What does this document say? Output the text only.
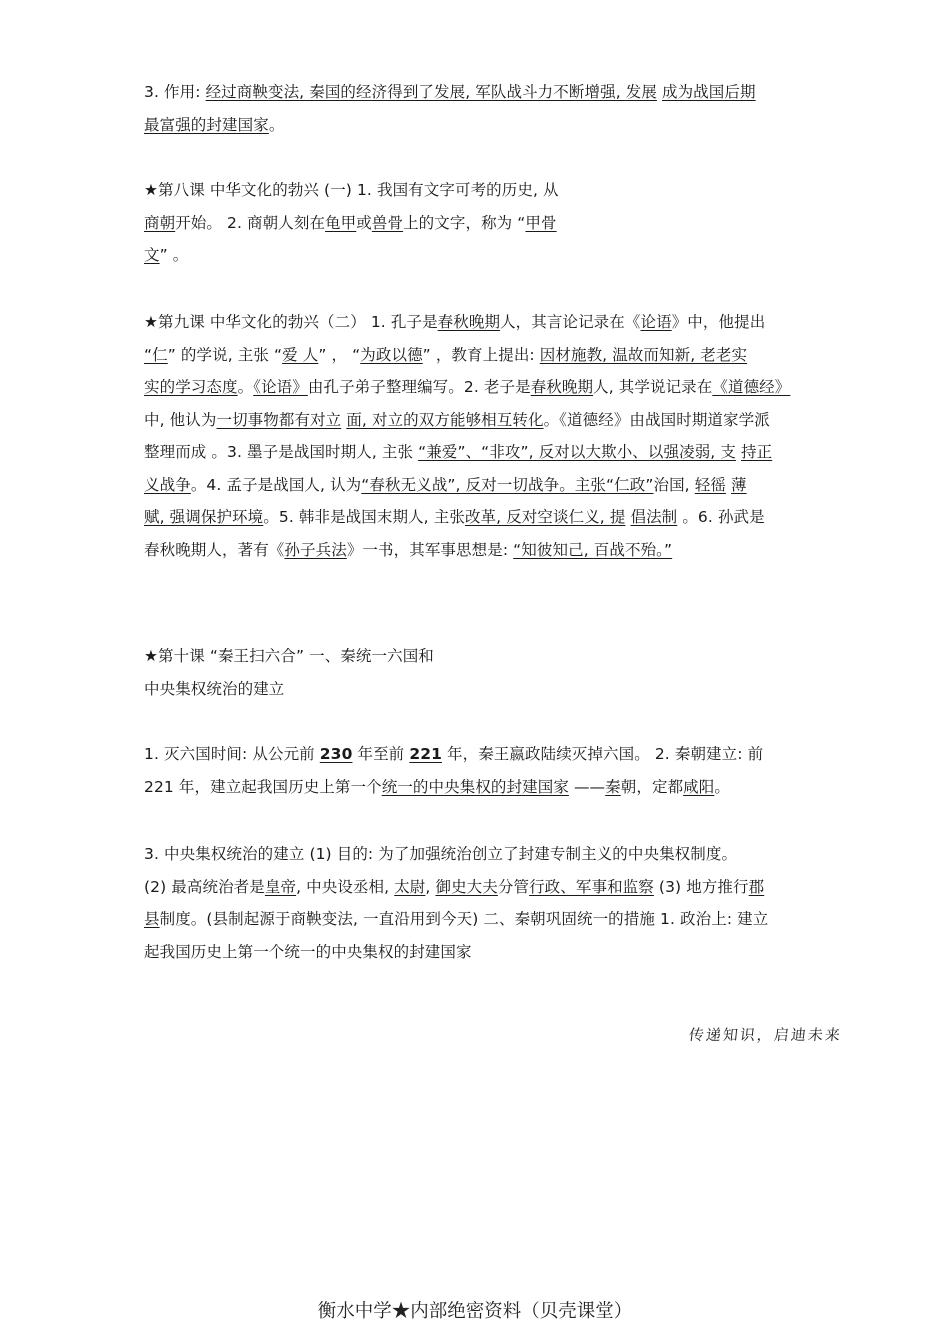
3. 作用: 经过商鞅变法, 秦国的经济得到了发展, 军队战斗力不断增强, 发展 成为战国后期
最富强的封建国家。
★第八课 中华文化的勃兴 (一) 1. 我国有文字可考的历史, 从
商朝开始。 2. 商朝人刻在龟甲或兽骨上的文字，称为 “甲骨
文” 。
★第九课 中华文化的勃兴（二） 1. 孔子是春秋晚期人，其言论记录在《论语》中，他提出
“仁” 的学说, 主张 “爱 人” ， “为政以德” ，教育上提出: 因材施教, 温故而知新, 老老实
实的学习态度。《论语》由孔子弟子整理编写。2. 老子是春秋晚期人, 其学说记录在《道德经》
中, 他认为一切事物都有对立 面, 对立的双方能够相互转化。《道德经》由战国时期道家学派
整理而成 。3. 墨子是战国时期人, 主张 “兼爱”、“非攻”, 反对以大欺小、以强凌弱, 支 持正
义战争。4. 孟子是战国人, 认为“春秋无义战”, 反对一切战争。主张“仁政”治国, 轻徭 薄
赋, 强调保护环境。5. 韩非是战国末期人, 主张改革, 反对空谈仁义, 提 倡法制 。6. 孙武是
春秋晚期人，著有《孙子兵法》一书，其军事思想是: “知彼知己, 百战不殆。”
★第十课 “秦王扫六合” 一、秦统一六国和
中央集权统治的建立
1. 灭六国时间: 从公元前 230 年至前 221 年，秦王嬴政陆续灭掉六国。 2. 秦朝建立: 前
221 年，建立起我国历史上第一个统一的中央集权的封建国家 ——秦朝，定都咸阳。
3. 中央集权统治的建立 (1) 目的: 为了加强统治创立了封建专制主义的中央集权制度。
(2) 最高统治者是皇帝, 中央设丞相, 太尉, 御史大夫分管行政、军事和监察 (3) 地方推行郡
县制度。(县制起源于商鞅变法, 一直沿用到今天) 二、秦朝巩固统一的措施 1. 政治上: 建立
起我国历史上第一个统一的中央集权的封建国家
传递知识，启迪未来
衡水中学★内部绝密资料（贝壳课堂）
